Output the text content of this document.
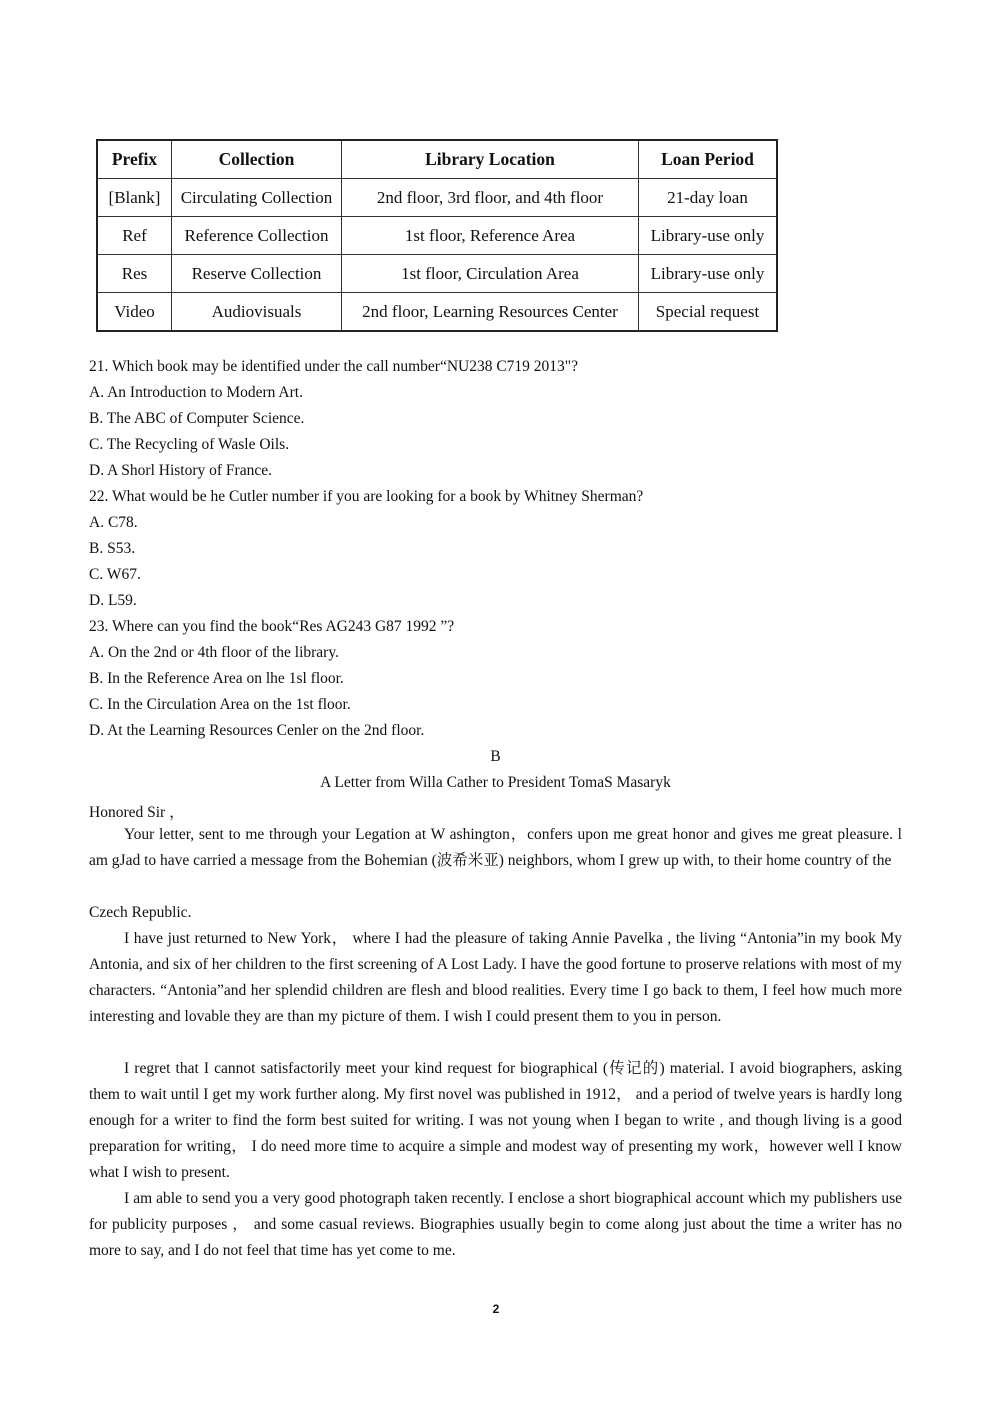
Prefix	Collection	Library Location	Loan Period
[Blank]	Circulating Collection	2nd floor, 3rd floor, and 4th floor	21-day loan
Ref	Reference Collection	1st floor, Reference Area	Library-use only
Res	Reserve Collection	1st floor, Circulation Area	Library-use only
Video	Audiovisuals	2nd floor, Learning Resources Center	Special request
21. Which book may be identified under the call number“NU238 C719 2013"?
A. An Introduction to Modern Art.
B. The ABC of Computer Science.
C. The Recycling of Wasle Oils.
D. A Shorl History of France.
22. What would be he Cutler number if you are looking for a book by Whitney Sherman?
A. C78.
B. S53.
C. W67.
D. L59.
23. Where can you find the book“Res AG243 G87 1992 ”?
A. On the 2nd or 4th floor of the library.
B. In the Reference Area on lhe 1sl floor.
C. In the Circulation Area on the 1st floor.
D. At the Learning Resources Cenler on the 2nd floor.
B
A Letter from Willa Cather to President TomaS Masaryk
Honored Sir ，

Your letter, sent to me through your Legation at W ashington，confers upon me great honor and gives me great pleasure. l am gJad to have carried a message from the Bohemian (波希米亚) neighbors, whom I grew up with, to their home country of the

Czech Republic.

I have just returned to New York， where I had the pleasure of taking Annie Pavelka , the living “Antonia”in my book My Antonia, and six of her children to the first screening of A Lost Lady. I have the good fortune to proserve relations with most of my characters. “Antonia”and her splendid children are flesh and blood realities. Every time I go back to them, I feel how much more interesting and lovable they are than my picture of them. I wish I could present them to you in person.

I regret that I cannot satisfactorily meet your kind request for biographical (传记的) material. I avoid biographers, asking them to wait until I get my work further along. My first novel was published in 1912， and a period of twelve years is hardIy long enough for a writer to find the form best suited for writing. I was not young when I began to write , and though living is a good preparation for writing， I do need more time to acquire a simple and modest way of presenting my work，however well I know what I wish to present.

I am able to send you a very good photograph taken recently. I enclose a short biographical account which my publishers use for publicity purposes ， and some casual reviews. Biographies usually begin to come along just about the time a writer has no more to say, and I do not feel that time has yet come to me.

2
